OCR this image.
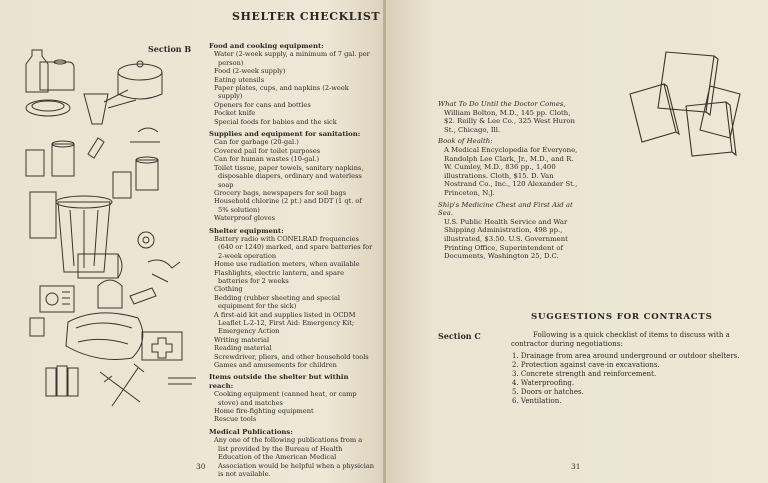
SHELTER CHECKLIST
Section B	Food and cooking equipment:
Water (2-week supply, a minimum of 7 gal. per person)
Food (2-week supply)
Eating utensils
Paper plates, cups, and napkins (2-week supply)
Openers for cans and bottles
Pocket knife
Special foods for babies and the sick
Supplies and equipment for sanitation:
Can for garbage (20-gal.)
Covered pail for toilet purposes
Can for human wastes (10-gal.)
Toilet tissue, paper towels, sanitary napkins, disposable diapers, ordinary and waterless soap
Grocery bags, newspapers for soil bags
Household chlorine (2 pt.) and DDT (1 qt. of 5% solution)
Waterproof gloves
Shelter equipment:
Battery radio with CONELRAD frequencies (640 or 1240) marked, and spare batteries for 2-week operation
Home use radiation meters, when available
Flashlights, electric lantern, and spare batteries for 2 weeks
Clothing
Bedding (rubber sheeting and special equipment for the sick)
A first-aid kit and supplies listed in OCDM Leaflet L-2-12, First Aid: Emergency Kit; Emergency Action
Writing material
Reading material
Screwdriver, pliers, and other household tools
Games and amusements for children
Items outside the shelter but within reach:
Cooking equipment (canned heat, or camp stove) and matches
Home fire-fighting equipment
Rescue tools
Medical Publications:
Any one of the following publications from a list provided by the Bureau of Health Education of the American Medical Association would be helpful when a physician is not available.
30
What To Do Until the Doctor Comes,
William Bolton, M.D., 145 pp. Cloth, $2. Reilly & Lee Co., 325 West Huron St., Chicago, Ill.
Book of Health:
A Medical Encyclopedia for Everyone, Randolph Lee Clark, Jr., M.D., and R. W. Cumley, M.D., 836 pp., 1,400 illustrations. Cloth, $15. D. Van Nostrand Co., Inc., 120 Alexander St., Princeton, N.J.
Ship's Medicine Chest and First Aid at Sea.
U.S. Public Health Service and War Shipping Administration, 498 pp., illustrated, $3.50. U.S. Government Printing Office, Superintendent of Documents, Washington 25, D.C.
SUGGESTIONS FOR CONTRACTS
Section C	Following is a quick checklist of items to discuss with a contractor during negotiations:
1. Drainage from area around underground or outdoor shelters.
2. Protection against cave-in excavations.
3. Concrete strength and reinforcement.
4. Waterproofing.
5. Doors or hatches.
6. Ventilation.
31
